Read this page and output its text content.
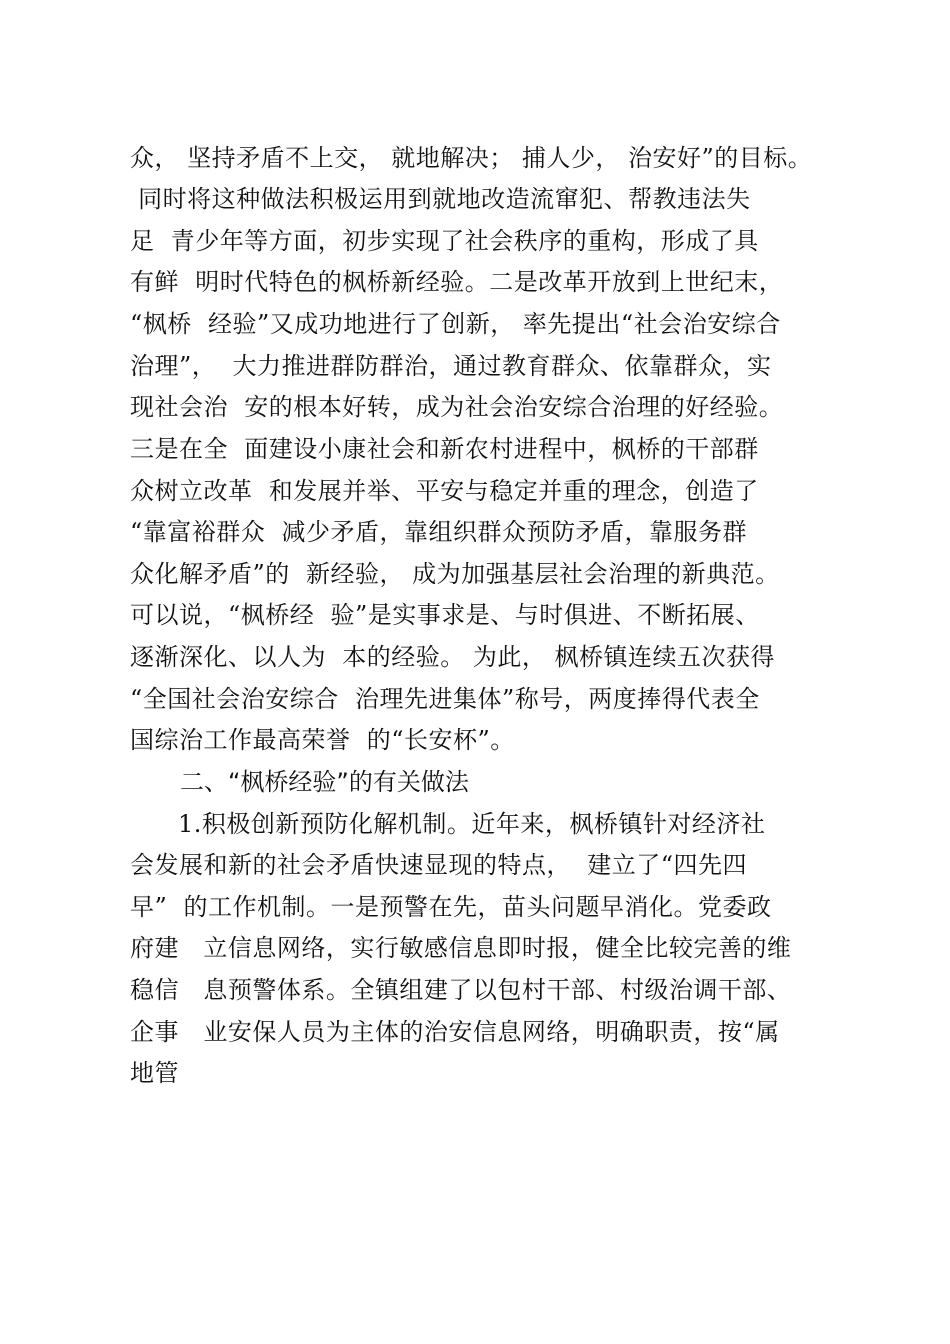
众， 坚持矛盾不上交， 就地解决； 捕人少， 治安好”的目标。
同时将这种做法积极运用到就地改造流窜犯、帮教违法失
足  青少年等方面，初步实现了社会秩序的重构，形成了具
有鲜  明时代特色的枫桥新经验。二是改革开放到上世纪末，
“枫桥  经验”又成功地进行了创新， 率先提出“社会治安综合
治理”，  大力推进群防群治，通过教育群众、依靠群众，实
现社会治  安的根本好转，成为社会治安综合治理的好经验。
三是在全  面建设小康社会和新农村进程中，枫桥的干部群
众树立改革  和发展并举、平安与稳定并重的理念，创造了
“靠富裕群众  减少矛盾，靠组织群众预防矛盾，靠服务群
众化解矛盾”的  新经验， 成为加强基层社会治理的新典范。
可以说，“枫桥经  验”是实事求是、与时俱进、不断拓展、
逐渐深化、以人为  本的经验。 为此， 枫桥镇连续五次获得
“全国社会治安综合  治理先进集体”称号，两度捧得代表全
国综治工作最高荣誉  的“长安杯”。
二、“枫桥经验”的有关做法
1.积极创新预防化解机制。近年来，枫桥镇针对经济社
会发展和新的社会矛盾快速显现的特点，  建立了“四先四
早”  的工作机制。一是预警在先，苗头问题早消化。党委政
府建   立信息网络，实行敏感信息即时报，健全比较完善的维
稳信   息预警体系。全镇组建了以包村干部、村级治调干部、
企事   业安保人员为主体的治安信息网络，明确职责，按“属
地管
